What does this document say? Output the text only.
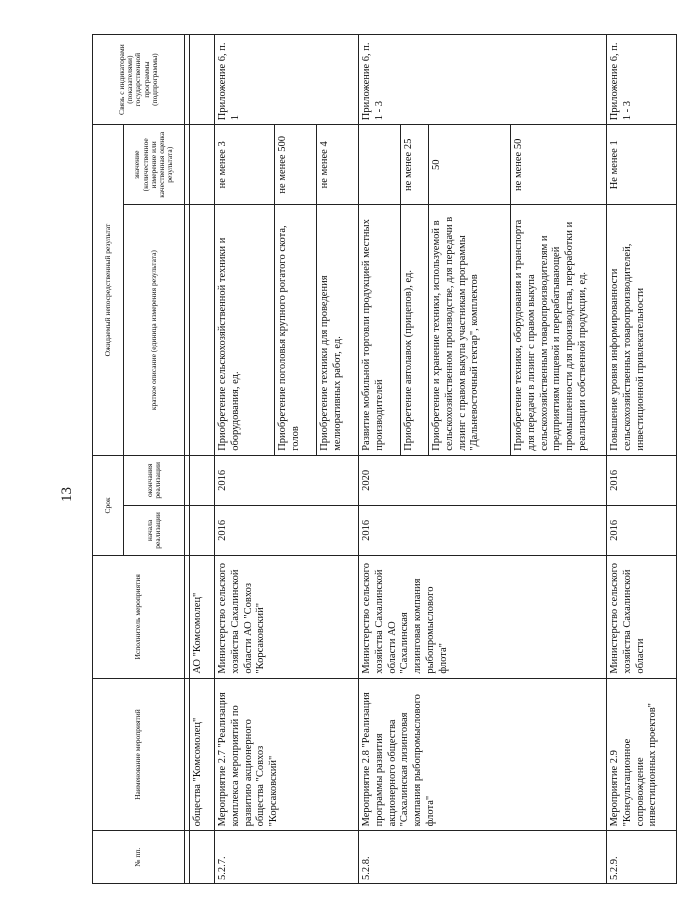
13
№ пп.	Наименование мероприятий	Исполнитель мероприятия	Срок		Ожидаемый непосредственный результат		Связь с индикаторами (показателями) государственной программы (подпрограммы)
			начала реализации	окончания реализации	краткое описание (единица измерения результата)	значение (количественное измерение или качественная оценка результата)	

	общества "Комсомолец"	АО "Комсомолец"					
5.2.7.	Мероприятие 2.7 "Реализация комплекса мероприятий по развитию акционерного общества "Совхоз "Корсаковский"	Министерство сельского хозяйства Сахалинской области АО "Совхоз "Корсаковский"	2016	2016	Приобретение сельскохозяйственной техники и оборудования, ед.	не менее 3	Приложение 6, п. 1
					Приобретение поголовья крупного рогатого скота, голов	не менее 500	
					Приобретение техники для проведения мелиоративных работ, ед.	не менее 4	
5.2.8.	Мероприятие 2.8 "Реализация программы развития акционерного общества "Сахалинская лизинговая компания рыбопромыслового флота"	Министерство сельского хозяйства Сахалинской области АО "Сахалинская лизинговая компания рыбопромыслового флота"	2016	2020	Развитие мобильной торговли продукцией местных производителей		Приложение 6, п. 1 - 3
					Приобретение автолавок (прицепов), ед.	не менее 25	
					Приобретение и хранение техники, используемой в сельскохозяйственном производстве, для передачи в лизинг с правом выкупа участникам программы "Дальневосточный гектар", комплектов	50	
					Приобретение техники, оборудования и транспорта для передачи в лизинг с правом выкупа сельскохозяйственным товаропроизводителям и предприятиям пищевой и перерабатывающей промышленности для производства, переработки и реализации собственной продукции, ед.	не менее 50	
5.2.9.	Мероприятие 2.9 "Консультационное сопровождение инвестиционных проектов"	Министерство сельского хозяйства Сахалинской области	2016	2016	Повышение уровня информированности сельскохозяйственных товаропроизводителей, инвестиционной привлекательности	Не менее 1	Приложение 6, п. 1 - 3
